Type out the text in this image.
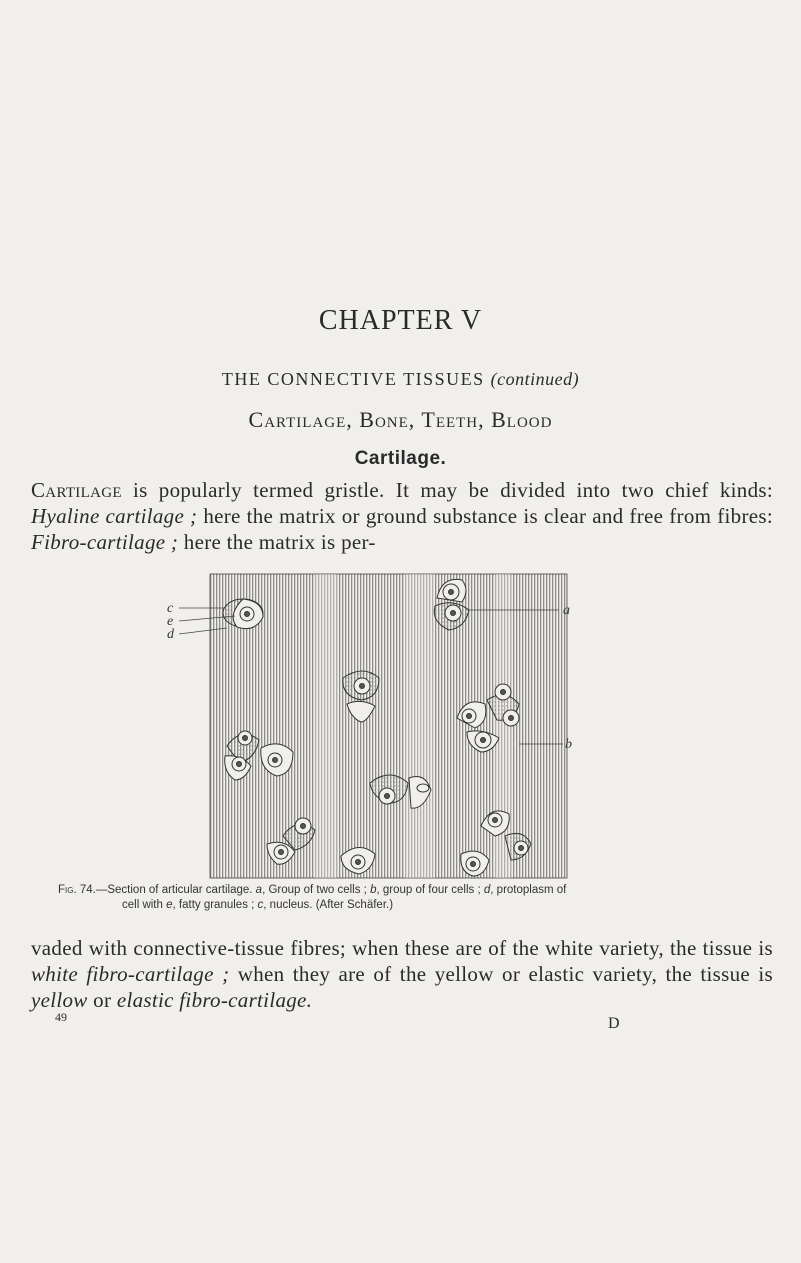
CHAPTER V
THE CONNECTIVE TISSUES (continued)
Cartilage, Bone, Teeth, Blood
Cartilage.
Cartilage is popularly termed gristle. It may be divided into two chief kinds: Hyaline cartilage ; here the matrix or ground substance is clear and free from fibres: Fibro-cartilage ; here the matrix is per-
c
e
d
a
b
Fig. 74.—Section of articular cartilage. a, Group of two cells ; b, group of four cells ; d, protoplasm of
cell with e, fatty granules ; c, nucleus. (After Schäfer.)
vaded with connective-tissue fibres; when these are of the white variety, the tissue is white fibro-cartilage ; when they are of the yellow or elastic variety, the tissue is yellow or elastic fibro-cartilage.
49	D
